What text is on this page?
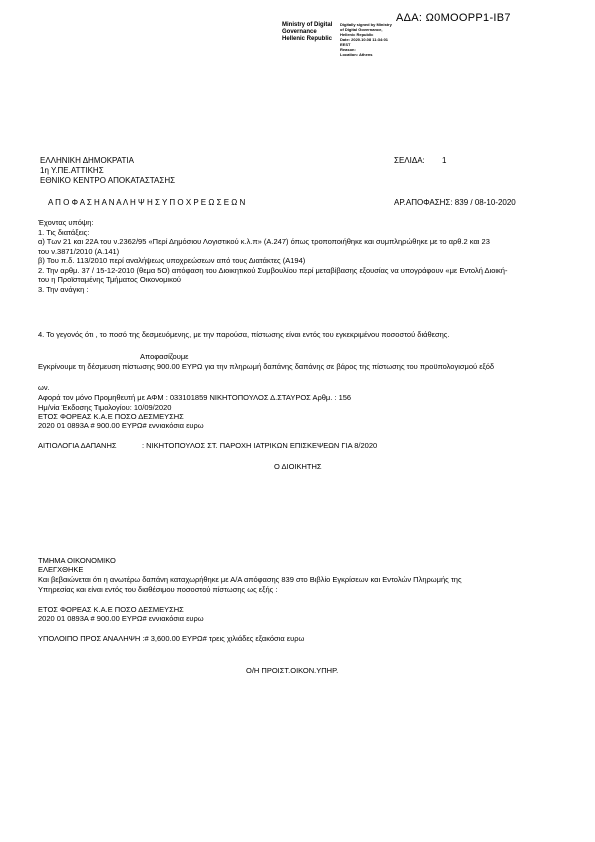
ΑΔΑ: Ω0ΜΟΟΡΡ1-ΙΒ7
Ministry of Digital
Governance
Hellenic Republic
Digitally signed by Ministry
of Digital Governance,
Hellenic Republic
Date: 2020.10.08 11:34:01
EEST
Reason:
Location: Athens
ΕΛΛΗΝΙΚΗ ΔΗΜΟΚΡΑΤΙΑ
1η Υ.ΠΕ.ΑΤΤΙΚΗΣ
ΕΘΝΙΚΟ ΚΕΝΤΡΟ ΑΠΟΚΑΤΑΣΤΑΣΗΣ
ΣΕΛΙΔΑ: 1
Α Π Ο Φ Α Σ Η Α Ν Α Λ Η Ψ Η Σ Υ Π Ο Χ Ρ Ε Ω Σ Ε Ω Ν	ΑΡ.ΑΠΟΦΑΣΗΣ: 839 / 08-10-2020
Έχοντας υπόψη:
1. Τις διατάξεις:
α) Των 21 και 22Α του ν.2362/95 «Περί Δημόσιου Λογιστικού κ.λ.π» (Α.247) όπως τροποποιήθηκε και συμπληρώθηκε με το αρθ.2 και 23
του ν.3871/2010 (Α.141)
β) Του π.δ. 113/2010 περί αναλήψεως υποχρεώσεων από τους Διατάκτες (Α194)
2. Την αρθμ. 37 / 15-12-2010 (θεμα 5Ο) απόφαση του Διοικητικού Συμβουλίου περί μεταβίβασης εξουσίας να υπογράφουν «με Εντολή Διοική-
του η Προϊσταμένης Τμήματος Οικονομικού
3. Την ανάγκη :
4. Το γεγονός ότι , το ποσό της δεσμευόμενης, με την παρούσα, πίστωσης είναι εντός του εγκεκριμένου ποσοστού διάθεσης.
Αποφασίζουμε
Εγκρίνουμε τη δέσμευση πίστωσης 900.00 ΕΥΡΩ για την πληρωμή δαπάνης δαπάνης σε βάρος της πίστωσης του προϋπολογισμού εξόδ
ων.
Αφορά τον μόνο Προμηθευτή με ΑΦΜ : 033101859 ΝΙΚΗΤΟΠΟΥΛΟΣ Δ.ΣΤΑΥΡΟΣ Αρθμ. : 156
Ημ/νία Έκδοσης Τιμολογίου: 10/09/2020
ΕΤΟΣ ΦΟΡΕΑΣ Κ.Α.Ε ΠΟΣΟ ΔΕΣΜΕΥΣΗΣ
2020 01 0893Α # 900.00 ΕΥΡΩ# εννιακόσια ευρω
ΑΙΤΙΟΛΟΓΙΑ ΔΑΠΑΝΗΣ	: ΝΙΚΗΤΟΠΟΥΛΟΣ ΣΤ. ΠΑΡΟΧΗ ΙΑΤΡΙΚΩΝ ΕΠΙΣΚΕΨΕΩΝ ΓΙΑ 8/2020
Ο ΔΙΟΙΚΗΤΗΣ
ΤΜΗΜΑ ΟΙΚΟΝΟΜΙΚΟ
ΕΛΕΓΧΘΗΚΕ
Και βεβαιώνεται ότι η ανωτέρω δαπάνη καταχωρήθηκε με Α/Α απόφασης 839 στο Βιβλίο Εγκρίσεων και Εντολών Πληρωμής της
Υπηρεσίας και είναι εντός του διαθέσιμου ποσοστού πίστωσης ως εξής :
ΕΤΟΣ ΦΟΡΕΑΣ Κ.Α.Ε ΠΟΣΟ ΔΕΣΜΕΥΣΗΣ
2020 01 0893Α # 900.00 ΕΥΡΩ# εννιακόσια ευρω
ΥΠΟΛΟΙΠΟ ΠΡΟΣ ΑΝΑΛΗΨΗ :# 3,600.00 ΕΥΡΩ# τρεις χιλιάδες εξακόσια ευρω
Ο/Η ΠΡΟΙΣΤ.ΟΙΚΟΝ.ΥΠΗΡ.
